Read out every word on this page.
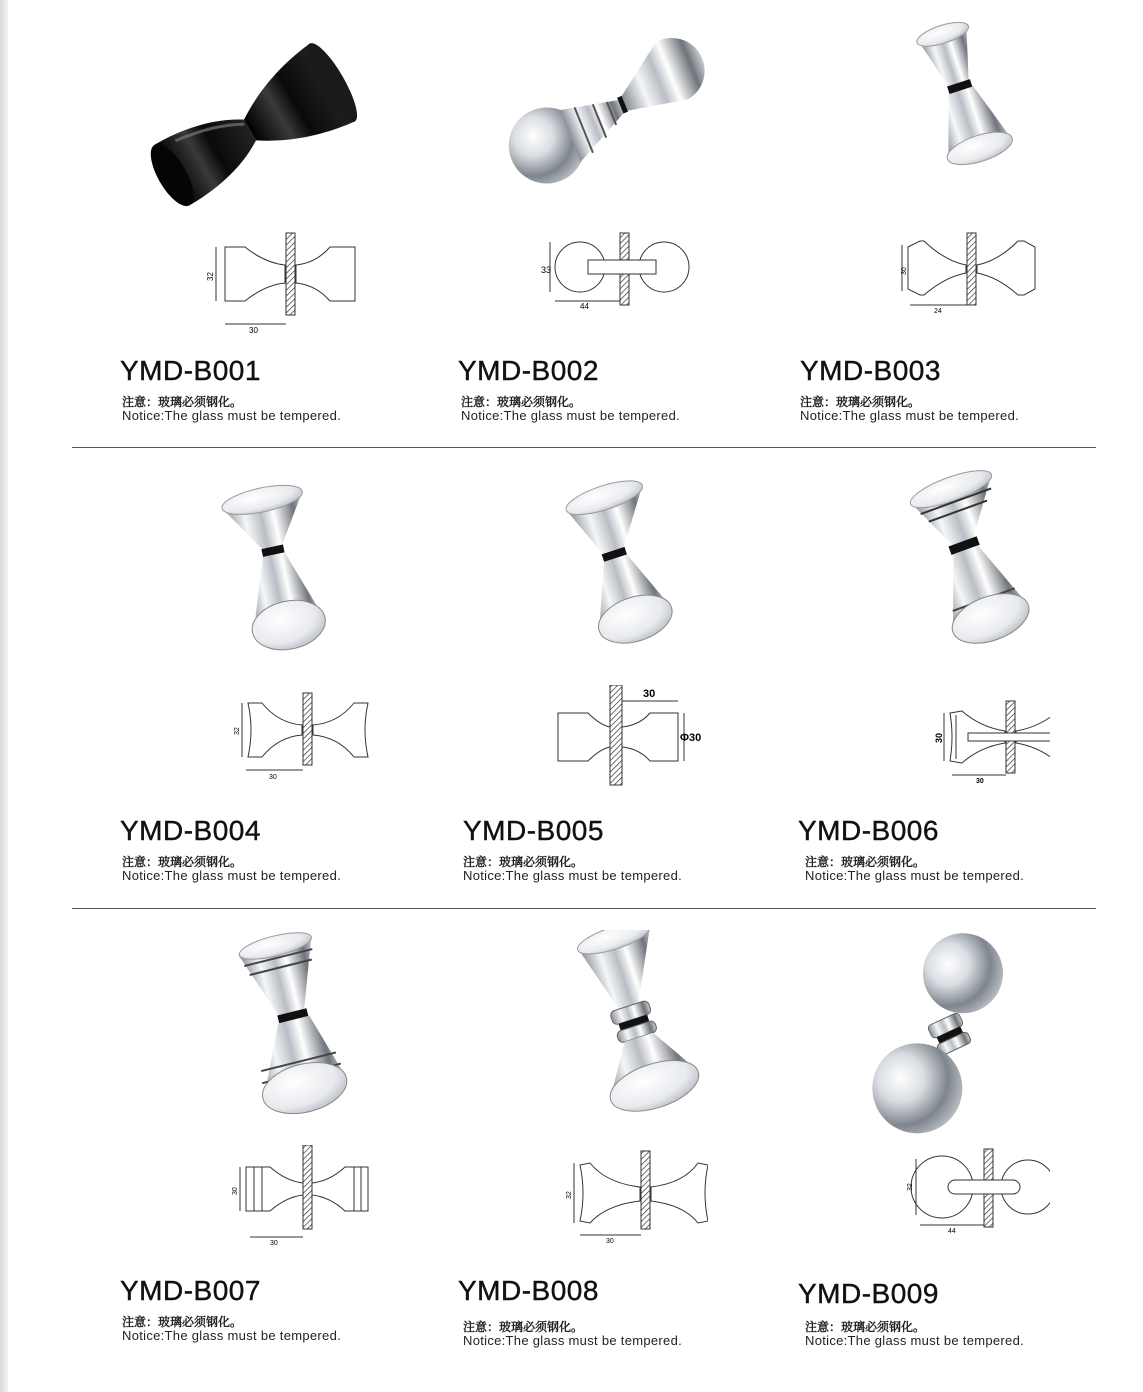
32
30
YMD-B001
注意：玻璃必须钢化。
Notice:The glass must be tempered.
33
44
YMD-B002
注意：玻璃必须钢化。
Notice:The glass must be tempered.
30
24
YMD-B003
注意：玻璃必须钢化。
Notice:The glass must be tempered.
32
30
YMD-B004
注意：玻璃必须钢化。
Notice:The glass must be tempered.
30
Φ30
YMD-B005
注意：玻璃必须钢化。
Notice:The glass must be tempered.
30
30
YMD-B006
注意：玻璃必须钢化。
Notice:The glass must be tempered.
30
30
YMD-B007
注意：玻璃必须钢化。
Notice:The glass must be tempered.
32
30
YMD-B008
注意：玻璃必须钢化。
Notice:The glass must be tempered.
32
44
YMD-B009
注意：玻璃必须钢化。
Notice:The glass must be tempered.
